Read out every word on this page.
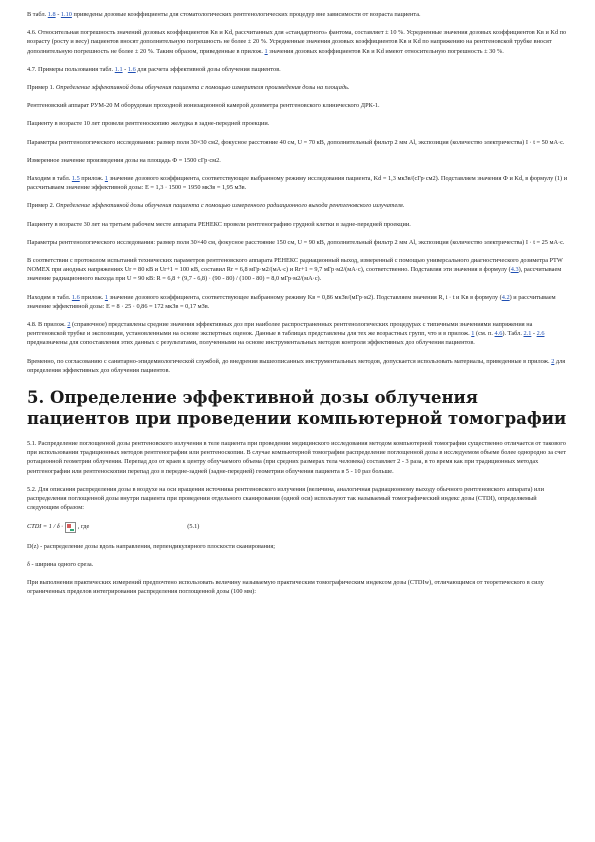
В табл. 1.8 - 1.10 приведены дозовые коэффициенты для стоматологических рентгенологических процедур вне зависимости от возраста пациента.

4.6. Относительная погрешность значений дозовых коэффициентов Kв и Kd, рассчитанных для «стандартного» фантома, составляет ± 10 %. Усредненные значения дозовых коэффициентов Kв и Kd по возрасту (росту и весу) пациентов вносят дополнительную погрешность не более ± 20 %. Усредненные значения дозовых коэффициентов Kв и Kd по напряжению на рентгеновской трубке вносят дополнительную погрешность не более ± 20 %. Таким образом, приведенные в прилож. 1 значения дозовых коэффициентов Kв и Kd имеют относительную погрешность ± 30 %.

4.7. Примеры пользования табл. 1.1 - 1.6 для расчета эффективной дозы облучения пациентов.

Пример 1. Определение эффективной дозы облучения пациента с помощью измерителя произведения дозы на площадь.

Рентгеновский аппарат РУМ-20 М оборудован проходной ионизационной камерой дозиметра рентгеновского клинического ДРК-1.

Пациенту в возрасте 10 лет провели рентгеноскопию желудка в задне-передней проекции.

Параметры рентгенологического исследования: размер поля 30×30 см2, фокусное расстояние 40 см, U = 70 кВ, дополнительный фильтр 2 мм Al, экспозиция (количество электричества) I · t = 50 мА·с.

Измеренное значение произведения дозы на площадь Ф = 1500 сГр·см2.

Находим в табл. 1.5 прилож. 1 значение дозового коэффициента, соответствующее выбранному режиму исследования пациента, Kd = 1,3 мкЗв/(сГр·см2). Подставляем значения Ф и Kd, в формулу (1) и рассчитываем значение эффективной дозы: E = 1,3 · 1500 = 1950 мкЗв = 1,95 мЗв.

Пример 2. Определение эффективной дозы облучения пациента с помощью измеренного радиационного выхода рентгеновского излучателя.

Пациенту в возрасте 30 лет на третьем рабочем месте аппарата РЕНЕКС провели рентгенографию грудной клетки в задне-передней проекции.

Параметры рентгенологического исследования: размер поля 30×40 см, фокусное расстояние 150 см, U = 90 кВ, дополнительный фильтр 2 мм Al, экспозиция (количество электричества) I · t = 25 мА·с.

В соответствии с протоколом испытаний технических параметров рентгеновского аппарата РЕНЕКС радиационный выход, измеренный с помощью универсального диагностического дозиметра PTW NOMEX при анодных напряжениях Ur = 80 кВ и Ur+1 = 100 кВ, составил Rr = 6,8 мГр·м2/(мА·с) и Rr+1 = 9,7 мГр·м2/(мА·с), соответственно. Подставляя эти значения в формулу (4.3), рассчитываем значение радиационного выхода при U = 90 кВ: R = 6,8 + (9,7 - 6,8) · (90 - 80) / (100 - 80) = 8,0 мГр·м2/(мА·с).

Находим в табл. 1.6 прилож. 1 значение дозового коэффициента, соответствующее выбранному режиму Kв = 0,86 мкЗв/(мГр·м2). Подставляем значения R, i · t и Kв в формулу (4.2) и рассчитываем значение эффективной дозы: E = 8 · 25 · 0,86 = 172 мкЗв = 0,17 мЗв.

4.8. В прилож. 2 (справочное) представлены средние значения эффективных доз при наиболее распространенных рентгенологических процедурах с типичными значениями напряжения на рентгеновской трубке и экспозиции, установленными на основе экспертных оценок. Данные в таблицах представлены для тех же возрастных групп, что и в прилож. 1 (см. п. 4.6). Табл. 2.1 - 2.6 предназначены для сопоставления этих данных с результатами, полученными на основе инструментальных методов контроля эффективных доз облучения пациентов.

Временно, по согласованию с санитарно-эпидемиологической службой, до внедрения вышеописанных инструментальных методов, допускается использовать материалы, приведенные в прилож. 2 для определения эффективных доз облучения пациентов.

5. Определение эффективной дозы облучения пациентов при проведении компьютерной томографии

5.1. Распределение поглощенной дозы рентгеновского излучения в теле пациента при проведении медицинского исследования методом компьютерной томографии существенно отличается от такового при использовании традиционных методов рентгенографии или рентгеноскопии. В случае компьютерной томографии распределение поглощенной дозы в исследуемом объеме более однородно за счет ротационной геометрии облучения. Перепад доз от краев к центру облучаемого объема (при средних размерах тела человека) составляет 2 - 3 раза, в то время как при традиционных методах рентгенографии или рентгеноскопии перепад доз в передне-задней (задне-передней) геометрии облучения пациента в 5 - 10 раз больше.

5.2. Для описания распределения дозы в воздухе на оси вращения источника рентгеновского излучения (величина, аналогичная радиационному выходу обычного рентгеновского аппарата) или распределения поглощенной дозы внутри пациента при проведении отдельного сканирования (одной оси) используют так называемый томографический индекс дозы (CTDI), определяемый следующим образом:

CTDI = 1 / δ · , где	(5.1)

D(z) - распределение дозы вдоль направления, перпендикулярного плоскости сканирования;

δ - ширина одного среза.

При выполнении практических измерений предпочтено использовать величину называемую практическим томографическим индексом дозы (CTDIw), отличающимся от теоретического в силу ограниченных пределов интегрирования распределения поглощенной дозы (100 мм):
